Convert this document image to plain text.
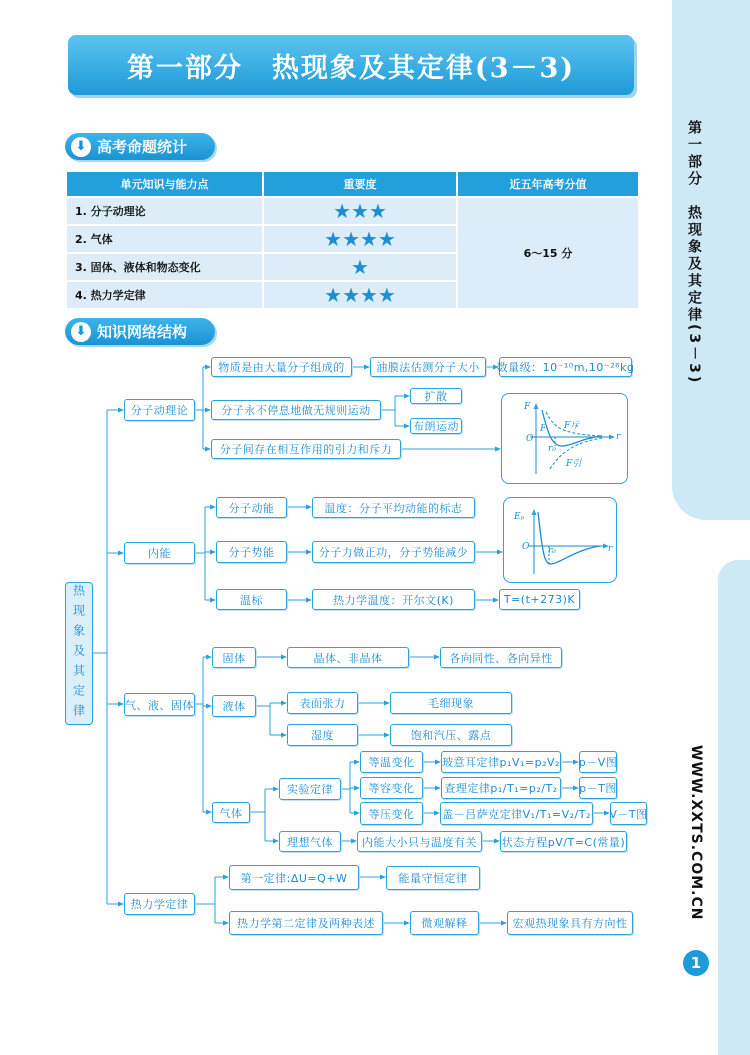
第一部分　热现象及其定律(3－3)
WWW.XXTS.COM.CN
1
第一部分　热现象及其定律(3－3)
⬇ 高考命题统计
单元知识与能力点	重要度	近五年高考分值
1. 分子动理论	★★★	6～15 分
2. 气体	★★★★	
3. 固体、液体和物态变化	★	
4. 热力学定律	★★★★	
⬇ 知识网络结构
热现象及其定律
分子动理论
物质是由大量分子组成的	油膜法估测分子大小	数量级：10⁻¹⁰m,10⁻²⁶kg
分子永不停息地做无规则运动
扩散
布朗运动
分子间存在相互作用的引力和斥力
F
F斥
F
O
r₀
F引
r
内能
分子动能	温度：分子平均动能的标志
分子势能	分子力做正功，分子势能减少
温标	热力学温度：开尔文(K)	T=(t+273)K
Eₚ
O r₀	r
气、液、固体
固体	晶体、非晶体	各向同性、各向异性
液体	表面张力	毛细现象
湿度	饱和汽压、露点
气体
实验定律
等温变化	玻意耳定律p₁V₁=p₂V₂ p－V图
等容变化	查理定律p₁/T₁=p₂/T₂	p－T图
等压变化	盖－吕萨克定律V₁/T₁=V₂/T₂ V－T图
理想气体	内能大小只与温度有关	状态方程pV/T=C(常量)
热力学定律
第一定律:ΔU=Q+W	能量守恒定律
热力学第二定律及两种表述	微观解释	宏观热现象具有方向性
